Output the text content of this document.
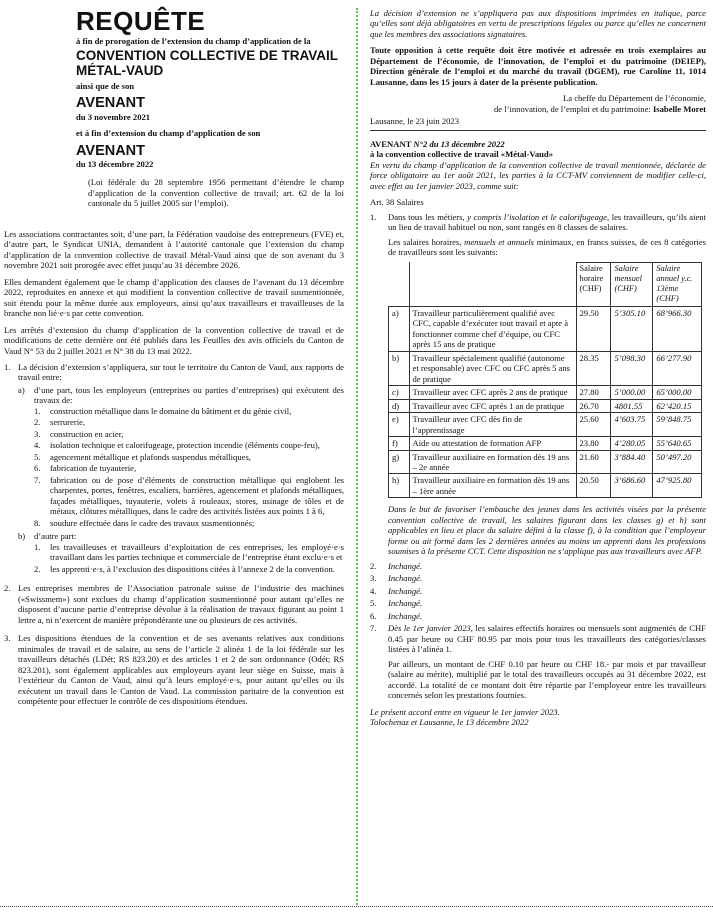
REQUÊTE
à fin de prorogation de l’extension du champ d’application de la
CONVENTION COLLECTIVE DE TRAVAIL MÉTAL-VAUD
ainsi que de son
AVENANT
du 3 novembre 2021
et à fin d’extension du champ d’application de son
AVENANT
du 13 décembre 2022
(Loi fédérale du 28 septembre 1956 permettant d’étendre le champ d’application de la convention collective de travail; art. 62 de la loi cantonale du 5 juillet 2005 sur l’emploi).

Les associations contractantes soit, d’une part, la Fédération vaudoise des entrepreneurs (FVE) et, d’autre part, le Syndicat UNIA, demandent à l’autorité cantonale que l’extension du champ d’application de la convention collective de travail Métal-Vaud ainsi que de son avenant du 3 novembre 2021 soit prorogée avec effet jusqu’au 31 décembre 2026.

Elles demandent également que le champ d’application des clauses de l’avenant du 13 décembre 2022, reproduites en annexe et qui modifient la convention collective de travail susmentionnée, soit étendu pour la même durée aux employeurs, ainsi qu’aux travailleurs et travailleuses de la branche non lié·e·s par cette convention.

Les arrêtés d’extension du champ d’application de la convention collective de travail et de modifications de cette dernière ont été publiés dans les Feuilles des avis officiels du Canton de Vaud N° 53 du 2 juillet 2021 et N° 38 du 13 mai 2022.

1. La décision d’extension s’appliquera, sur tout le territoire du Canton de Vaud, aux rapports de travail entre:
a)	d’une part, tous les employeurs (entreprises ou parties d’entreprises) qui exécutent des travaux de:
1.	construction métallique dans le domaine du bâtiment et du génie civil,
2.	serrurerie,
3.	construction en acier,
4.	isolation technique et calorifugeage, protection incendie (éléments coupe-feu),
5.	agencement métallique et plafonds suspendus métalliques,
6.	fabrication de tuyauterie,
7.	fabrication ou de pose d’éléments de construction métallique qui englobent les charpentes, portes, fenêtres, escaliers, barrières, agencement et plafonds métalliques, façades métalliques, tuyauterie, volets à rouleaux, stores, usinage de tôles et de métaux, clôtures métalliques, dans le cadre des activités listées aux points 1 à 6,
8.	soudure effectuée dans le cadre des travaux susmentionnés;
b)	d’autre part:
1.	les travailleuses et travailleurs d’exploitation de ces entreprises, les employé·e·s travaillant dans les parties technique et commerciale de l’entreprise étant exclu·e·s et
2.	les apprenti·e·s, à l’exclusion des dispositions citées à l’annexe 2 de la convention.
2. Les entreprises membres de l’Association patronale suisse de l’industrie des machines («Swissmem») sont exclues du champ d’application susmentionné pour autant qu’elles ne disposent d’aucune partie d’entreprise dévolue à la réalisation de travaux figurant au point 1 lettre a, ni n’exercent de manière prépondérante une ou plusieurs de ces activités.
3. Les dispositions étendues de la convention et de ses avenants relatives aux conditions minimales de travail et de salaire, au sens de l’article 2 alinéa 1 de la loi fédérale sur les travailleurs détachés (LDét; RS 823.20) et des articles 1 et 2 de son ordonnance (Odét; RS 823.201), sont également applicables aux employeurs ayant leur siège en Suisse, mais à l’extérieur du Canton de Vaud, ainsi qu’à leurs employé·e·s, pour autant qu’elles ou ils exécutent un travail dans le Canton de Vaud. La commission paritaire de la convention est compétente pour effectuer le contrôle de ces dispositions étendues.

La décision d’extension ne s’appliquera pas aux dispositions imprimées en italique, parce qu’elles sont déjà obligatoires en vertu de prescriptions légales ou parce qu’elles ne concernent que les membres des associations signataires.

Toute opposition à cette requête doit être motivée et adressée en trois exemplaires au Département de l’économie, de l’innovation, de l’emploi et du patrimoine (DEIEP), Direction générale de l’emploi et du marché du travail (DGEM), rue Caroline 11, 1014 Lausanne, dans les 15 jours à dater de la présente publication.

La cheffe du Département de l’économie,
de l’innovation, de l’emploi et du patrimoine: Isabelle Moret
Lausanne, le 23 juin 2023
AVENANT N°2 du 13 décembre 2022
à la convention collective de travail «Métal-Vaud»

En vertu du champ d’application de la convention collective de travail mentionnée, déclarée de force obligatoire au 1er août 2021, les parties à la CCT-MV conviennent de modifier celle-ci, avec effet au 1er janvier 2023, comme suit:

Art. 38 Salaires
1.	Dans tous les métiers, y compris l’isolation et le calorifugeage, les travailleurs, qu’ils aient un lieu de travail habituel ou non, sont rangés en 8 classes de salaires.
Les salaires horaires, mensuels et annuels minimaux, en francs suisses, de ces 8 catégories de travailleurs sont les suivants:
		Salaire horaire (CHF)	Salaire mensuel (CHF)	Salaire annuel y.c. 13ème (CHF)
a)	Travailleur particulièrement qualifié avec CFC, capable d’exécuter tout travail et apte à fonctionner comme chef d’équipe, ou CFC après 15 ans de pratique	29.50	5’305.10	68’966.30
b)	Travailleur spécialement qualifié (autonome et responsable) avec CFC ou CFC après 5 ans de pratique	28.35	5’098.30	66’277.90
c)	Travailleur avec CFC après 2 ans de pratique	27.80	5’000.00	65’000.00
d)	Travailleur avec CFC après 1 an de pratique	26.70	4801.55	62’420.15
e)	Travailleur avec CFC dès fin de l’apprentissage	25.60	4’603.75	59’848.75
f)	Aide ou attestation de formation AFP	23.80	4’280.05	55’640.65
g)	Travailleur auxiliaire en formation dès 19 ans – 2e année	21.60	3’884.40	50’497.20
h)	Travailleur auxiliaire en formation dès 19 ans – 1ère année	20.50	3’686.60	47’925.80

Dans le but de favoriser l’embauche des jeunes dans les activités visées par la présente convention collective de travail, les salaires figurant dans les classes g) et h) sont applicables en lieu et place du salaire défini à la classe f), à la condition que l’employeur forme ou ait formé dans les 2 dernières années au moins un apprenti dans les professions soumises à la présente CCT. Cette disposition ne s’applique pas aux travailleurs avec AFP.

2.	Inchangé.
3.	Inchangé.
4.	Inchangé.
5.	Inchangé.
6.	Inchangé.
7.	Dès le 1er janvier 2023, les salaires effectifs horaires ou mensuels sont augmentés de CHF 0.45 par heure ou CHF 80.95 par mois pour tous les travailleurs des catégories/classes listées à l’alinéa 1.

Par ailleurs, un montant de CHF 0.10 par heure ou CHF 18.- par mois et par travailleur (salaire au mérite), multiplié par le total des travailleurs occupés au 31 décembre 2022, est accordé. La totalité de ce montant doit être répartie par l’employeur entre les travailleurs concernés selon les prestations fournies.

Le présent accord entre en vigueur le 1er janvier 2023.
Tolochenaz et Lausanne, le 13 décembre 2022
